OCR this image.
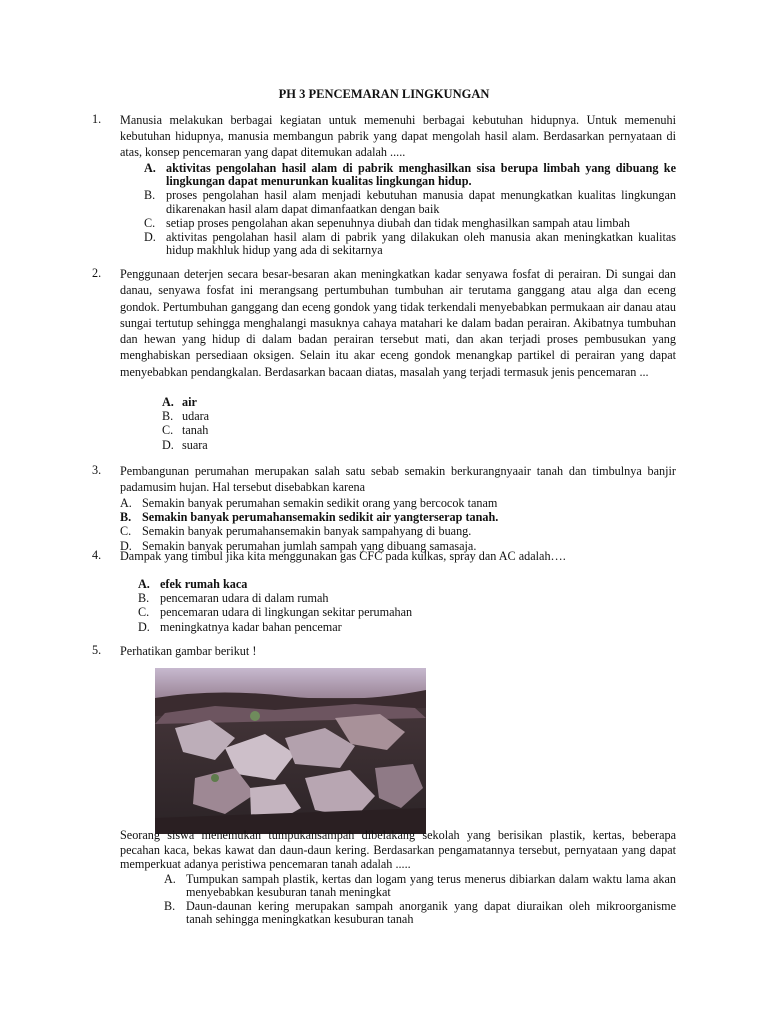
PH 3 PENCEMARAN LINGKUNGAN
1. Manusia melakukan berbagai kegiatan untuk memenuhi berbagai kebutuhan hidupnya. Untuk memenuhi kebutuhan hidupnya, manusia membangun pabrik yang dapat mengolah hasil alam. Berdasarkan pernyataan di atas, konsep pencemaran yang dapat ditemukan adalah .....
A. aktivitas pengolahan hasil alam di pabrik menghasilkan sisa berupa limbah yang dibuang ke lingkungan dapat menurunkan kualitas lingkungan hidup.
B. proses pengolahan hasil alam menjadi kebutuhan manusia dapat menungkatkan kualitas lingkungan dikarenakan hasil alam dapat dimanfaatkan dengan baik
C. setiap proses pengolahan akan sepenuhnya diubah dan tidak menghasilkan sampah atau limbah
D. aktivitas pengolahan hasil alam di pabrik yang dilakukan oleh manusia akan meningkatkan kualitas hidup makhluk hidup yang ada di sekitarnya
2. Penggunaan deterjen secara besar-besaran akan meningkatkan kadar senyawa fosfat di perairan. Di sungai dan danau, senyawa fosfat ini merangsang pertumbuhan tumbuhan air terutama ganggang atau alga dan eceng gondok. Pertumbuhan ganggang dan eceng gondok yang tidak terkendali menyebabkan permukaan air danau atau sungai tertutup sehingga menghalangi masuknya cahaya matahari ke dalam badan perairan. Akibatnya tumbuhan dan hewan yang hidup di dalam badan perairan tersebut mati, dan akan terjadi proses pembusukan yang menghabiskan persediaan oksigen. Selain itu akar eceng gondok menangkap partikel di perairan yang dapat menyebabkan pendangkalan. Berdasarkan bacaan diatas, masalah yang terjadi termasuk jenis pencemaran ...
A. air
B. udara
C. tanah
D. suara
3. Pembangunan perumahan merupakan salah satu sebab semakin berkurangnyaair tanah dan timbulnya banjir padamusim hujan. Hal tersebut disebabkan karena
A. Semakin banyak perumahan semakin sedikit orang yang bercocok tanam
B. Semakin banyak perumahansemakin sedikit air yangterserap tanah.
C. Semakin banyak perumahansemakin banyak sampahyang di buang.
D. Semakin banyak perumahan jumlah sampah yang dibuang samasaja.
4. Dampak yang timbul jika kita menggunakan gas CFC pada kulkas, spray dan AC adalah….
A. efek rumah kaca
B. pencemaran udara di dalam rumah
C. pencemaran udara di lingkungan sekitar perumahan
D. meningkatnya kadar bahan pencemar
5. Perhatikan gambar berikut !
Seorang siswa menemukan tumpukansampah dibelakang sekolah yang berisikan plastik, kertas, beberapa pecahan kaca, bekas kawat dan daun-daun kering. Berdasarkan pengamatannya tersebut, pernyataan yang dapat memperkuat adanya peristiwa pencemaran tanah adalah .....
A. Tumpukan sampah plastik, kertas dan logam yang terus menerus dibiarkan dalam waktu lama akan menyebabkan kesuburan tanah meningkat
B. Daun-daunan kering merupakan sampah anorganik yang dapat diuraikan oleh mikroorganisme tanah sehingga meningkatkan kesuburan tanah
